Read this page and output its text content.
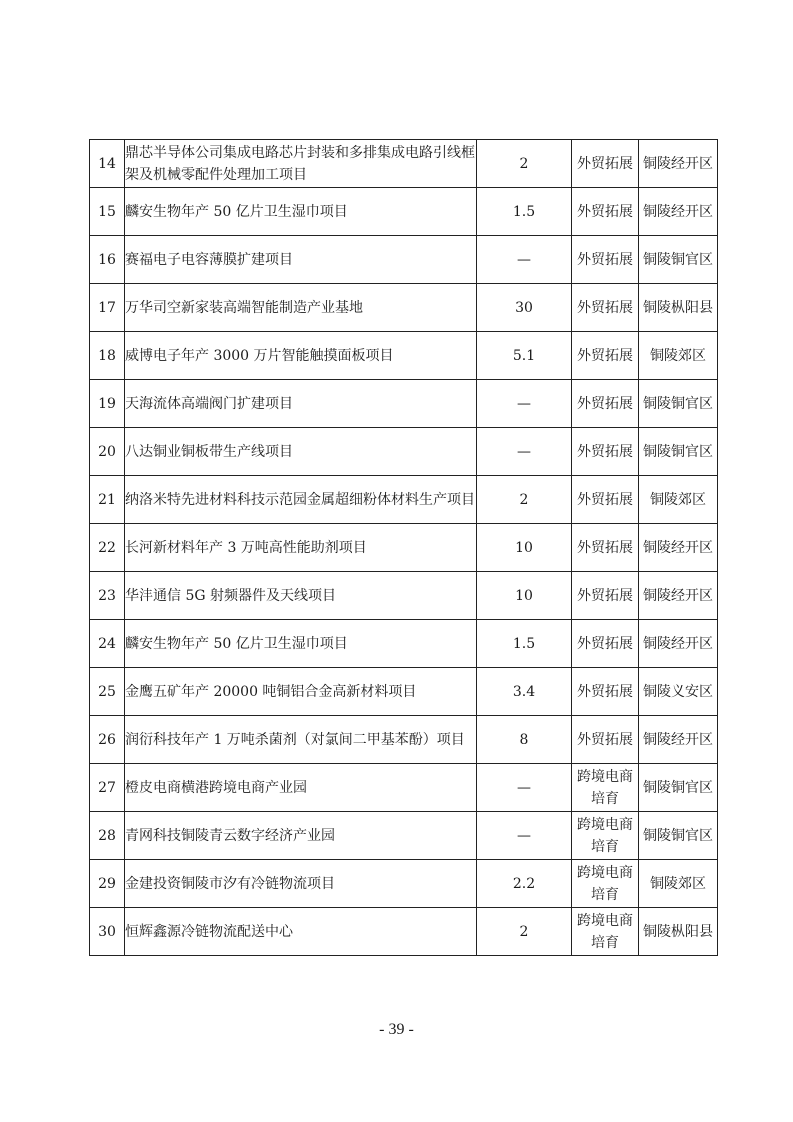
14	鼎芯半导体公司集成电路芯片封装和多排集成电路引线框架及机械零配件处理加工项目	2	外贸拓展	铜陵经开区
15	麟安生物年产 50 亿片卫生湿巾项目	1.5	外贸拓展	铜陵经开区
16	赛福电子电容薄膜扩建项目	—	外贸拓展	铜陵铜官区
17	万华司空新家装高端智能制造产业基地	30	外贸拓展	铜陵枞阳县
18	威博电子年产 3000 万片智能触摸面板项目	5.1	外贸拓展	铜陵郊区
19	天海流体高端阀门扩建项目	—	外贸拓展	铜陵铜官区
20	八达铜业铜板带生产线项目	—	外贸拓展	铜陵铜官区
21	纳洛米特先进材料科技示范园金属超细粉体材料生产项目	2	外贸拓展	铜陵郊区
22	长河新材料年产 3 万吨高性能助剂项目	10	外贸拓展	铜陵经开区
23	华沣通信 5G 射频器件及天线项目	10	外贸拓展	铜陵经开区
24	麟安生物年产 50 亿片卫生湿巾项目	1.5	外贸拓展	铜陵经开区
25	金鹰五矿年产 20000 吨铜铝合金高新材料项目	3.4	外贸拓展	铜陵义安区
26	润衍科技年产 1 万吨杀菌剂（对氯间二甲基苯酚）项目	8	外贸拓展	铜陵经开区
27	橙皮电商横港跨境电商产业园	—	跨境电商培育	铜陵铜官区
28	青网科技铜陵青云数字经济产业园	—	跨境电商培育	铜陵铜官区
29	金建投资铜陵市汐有冷链物流项目	2.2	跨境电商培育	铜陵郊区
30	恒辉鑫源冷链物流配送中心	2	跨境电商培育	铜陵枞阳县
- 39 -
